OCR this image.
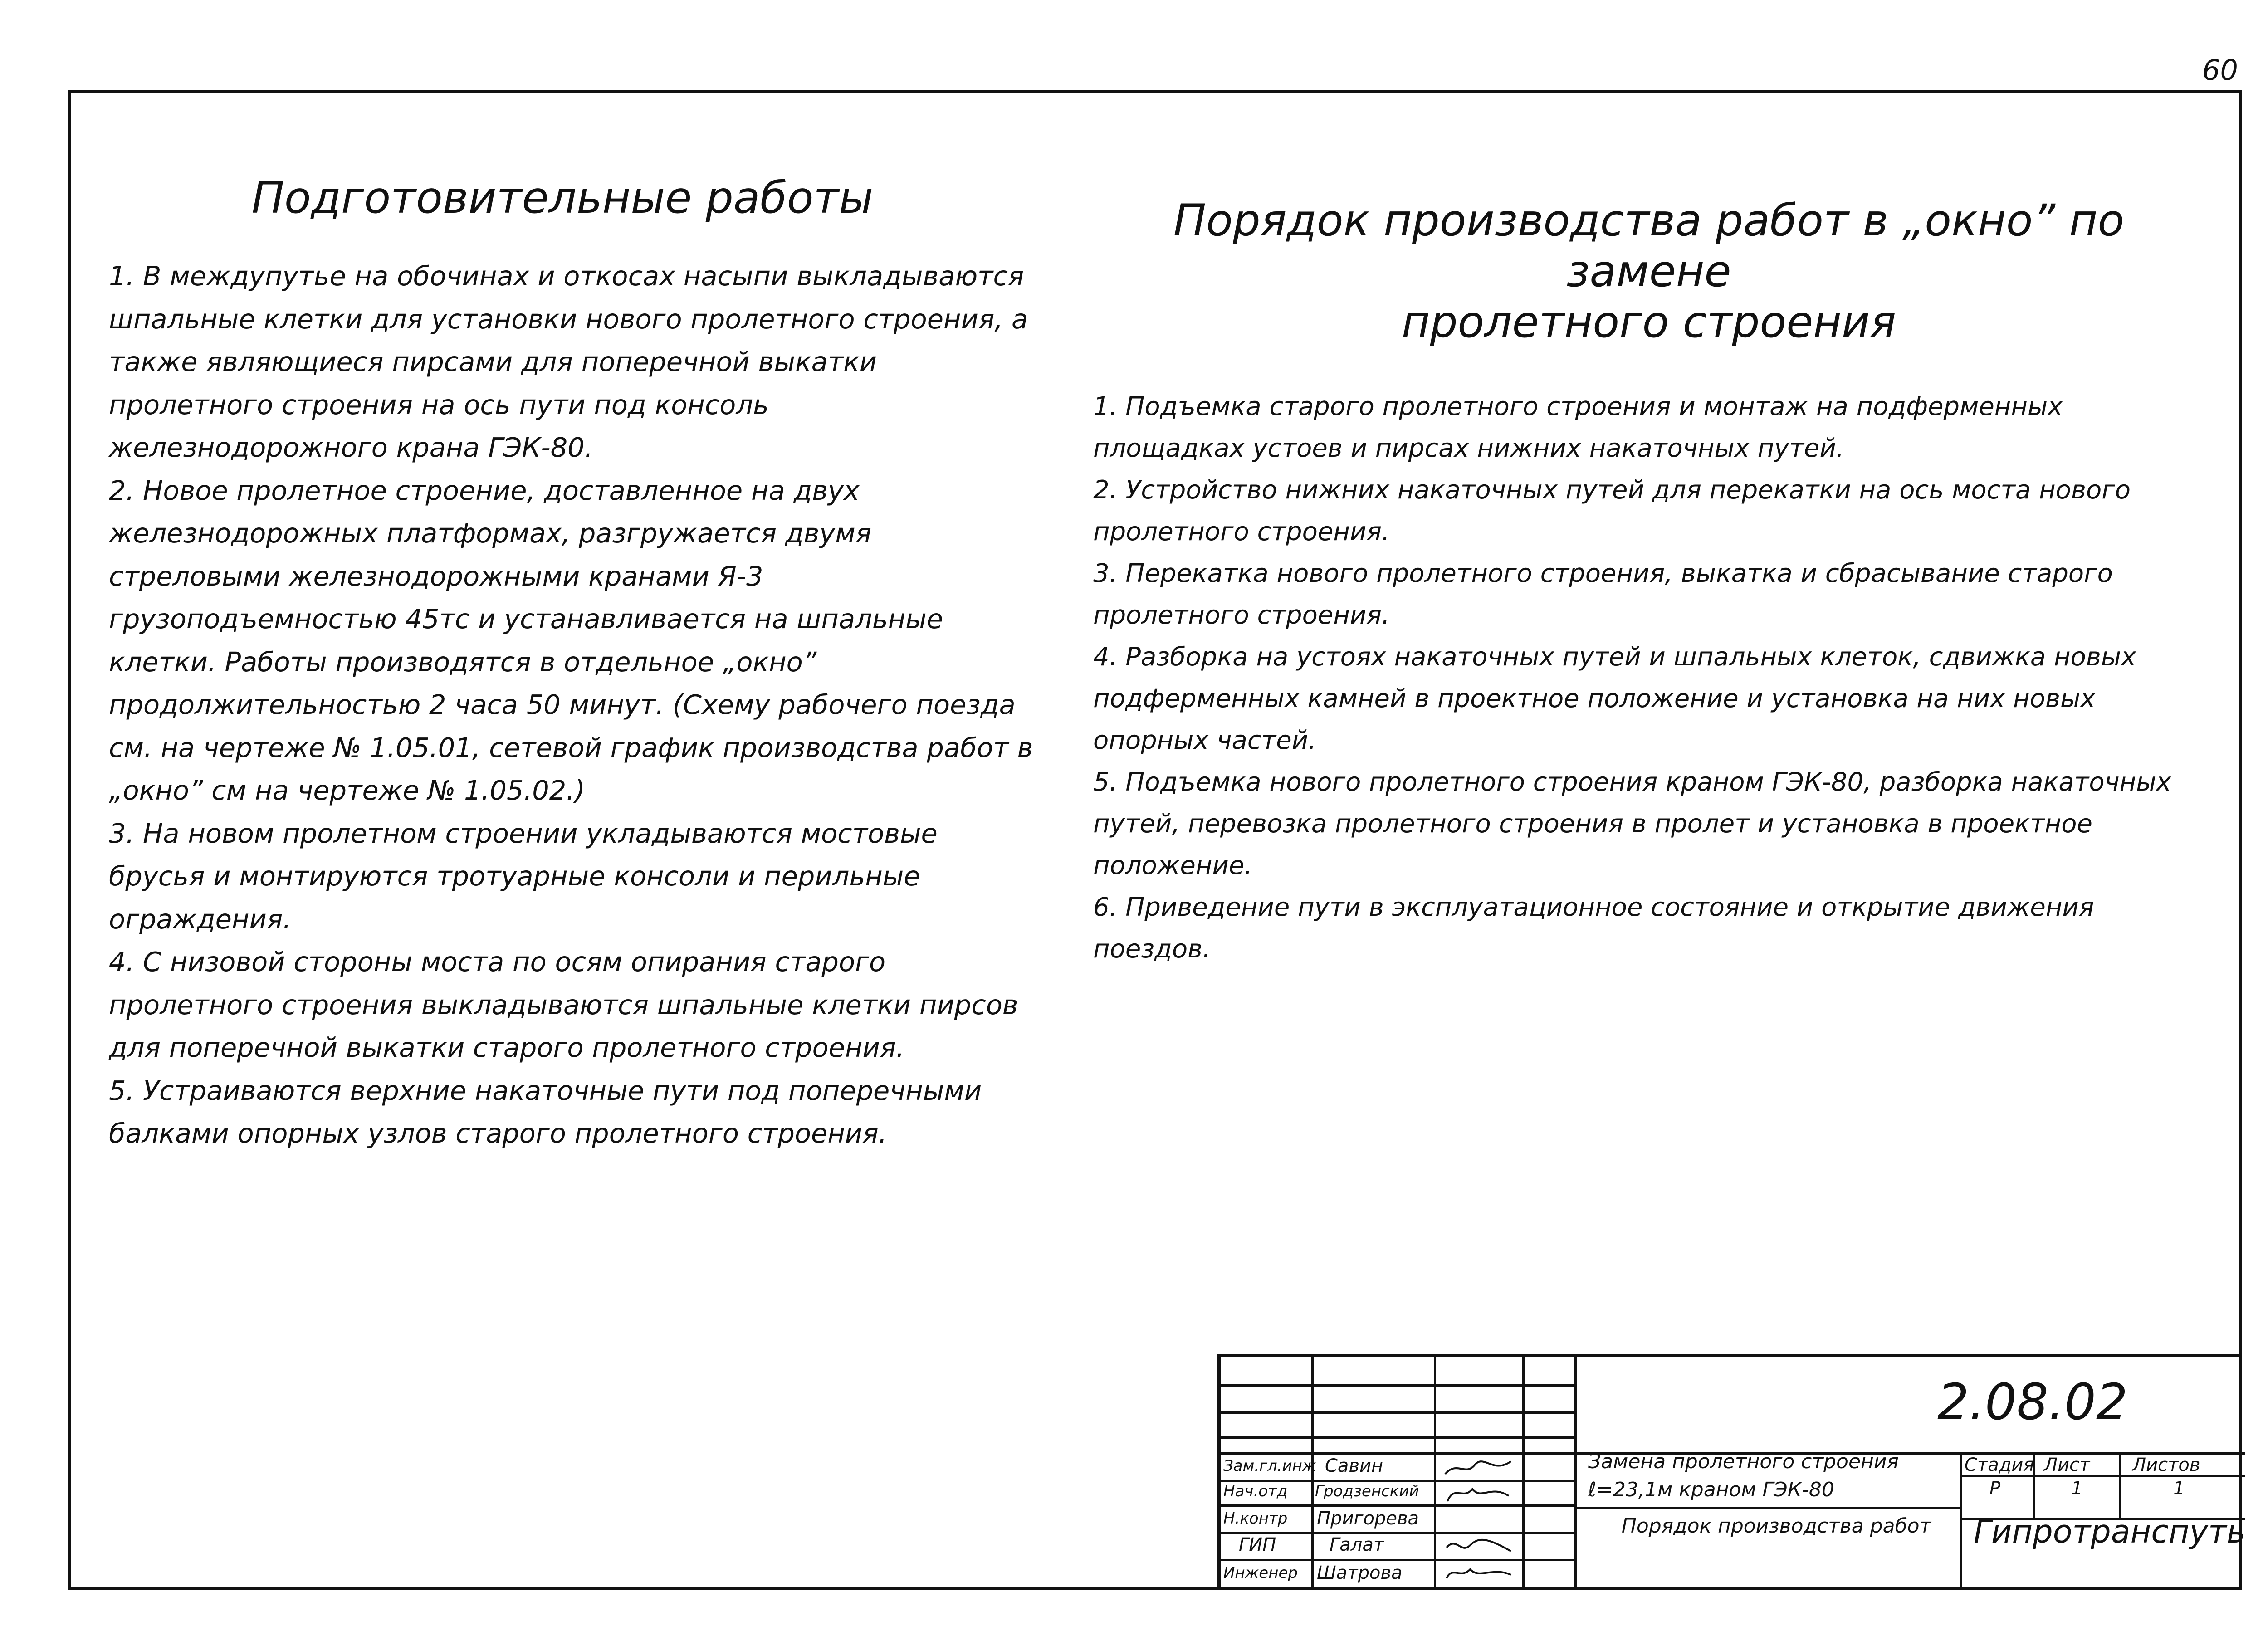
60
Подготовительные работы
1. В междупутье на обочинах и откосах насыпи выкладываются шпальные клетки для установки нового пролетного строения, а также являющиеся пирсами для поперечной выкатки пролетного строения на ось пути под консоль железнодорожного крана ГЭК-80.
2. Новое пролетное строение, доставленное на двух железнодорожных платформах, разгружается двумя стреловыми железнодорожными кранами Я-3 грузоподъемностью 45тс и устанавливается на шпальные клетки. Работы производятся в отдельное „окно” продолжительностью 2 часа 50 минут. (Схему рабочего поезда см. на чертеже № 1.05.01, сетевой график производства работ в „окно” см на чертеже № 1.05.02.)
3. На новом пролетном строении укладываются мостовые брусья и монтируются тротуарные консоли и перильные ограждения.
4. С низовой стороны моста по осям опирания старого пролетного строения выкладываются шпальные клетки пирсов для поперечной выкатки старого пролетного строения.
5. Устраиваются верхние накаточные пути под поперечными балками опорных узлов старого пролетного строения.
Порядок производства работ в „окно” по замене
пролетного строения
1. Подъемка старого пролетного строения и монтаж на подферменных площадках устоев и пирсах нижних накаточных путей.
2. Устройство нижних накаточных путей для перекатки на ось моста нового пролетного строения.
3. Перекатка нового пролетного строения, выкатка и сбрасывание старого пролетного строения.
4. Разборка на устоях накаточных путей и шпальных клеток, сдвижка новых подферменных камней в проектное положение и установка на них новых опорных частей.
5. Подъемка нового пролетного строения краном ГЭК-80, разборка накаточных путей, перевозка пролетного строения в пролет и установка в проектное положение.
6. Приведение пути в эксплуатационное состояние и открытие движения поездов.
Зам.гл.инж
Нач.отд
Н.контр
ГИП
Инженер
Савин
Гродзенский
Пригорева
Галат
Шатрова
2.08.02
Замена пролетного строения ℓ=23,1м краном ГЭК-80
Порядок производства работ
Стадия Лист Листов
Р	1	1
Гипротранспуть
